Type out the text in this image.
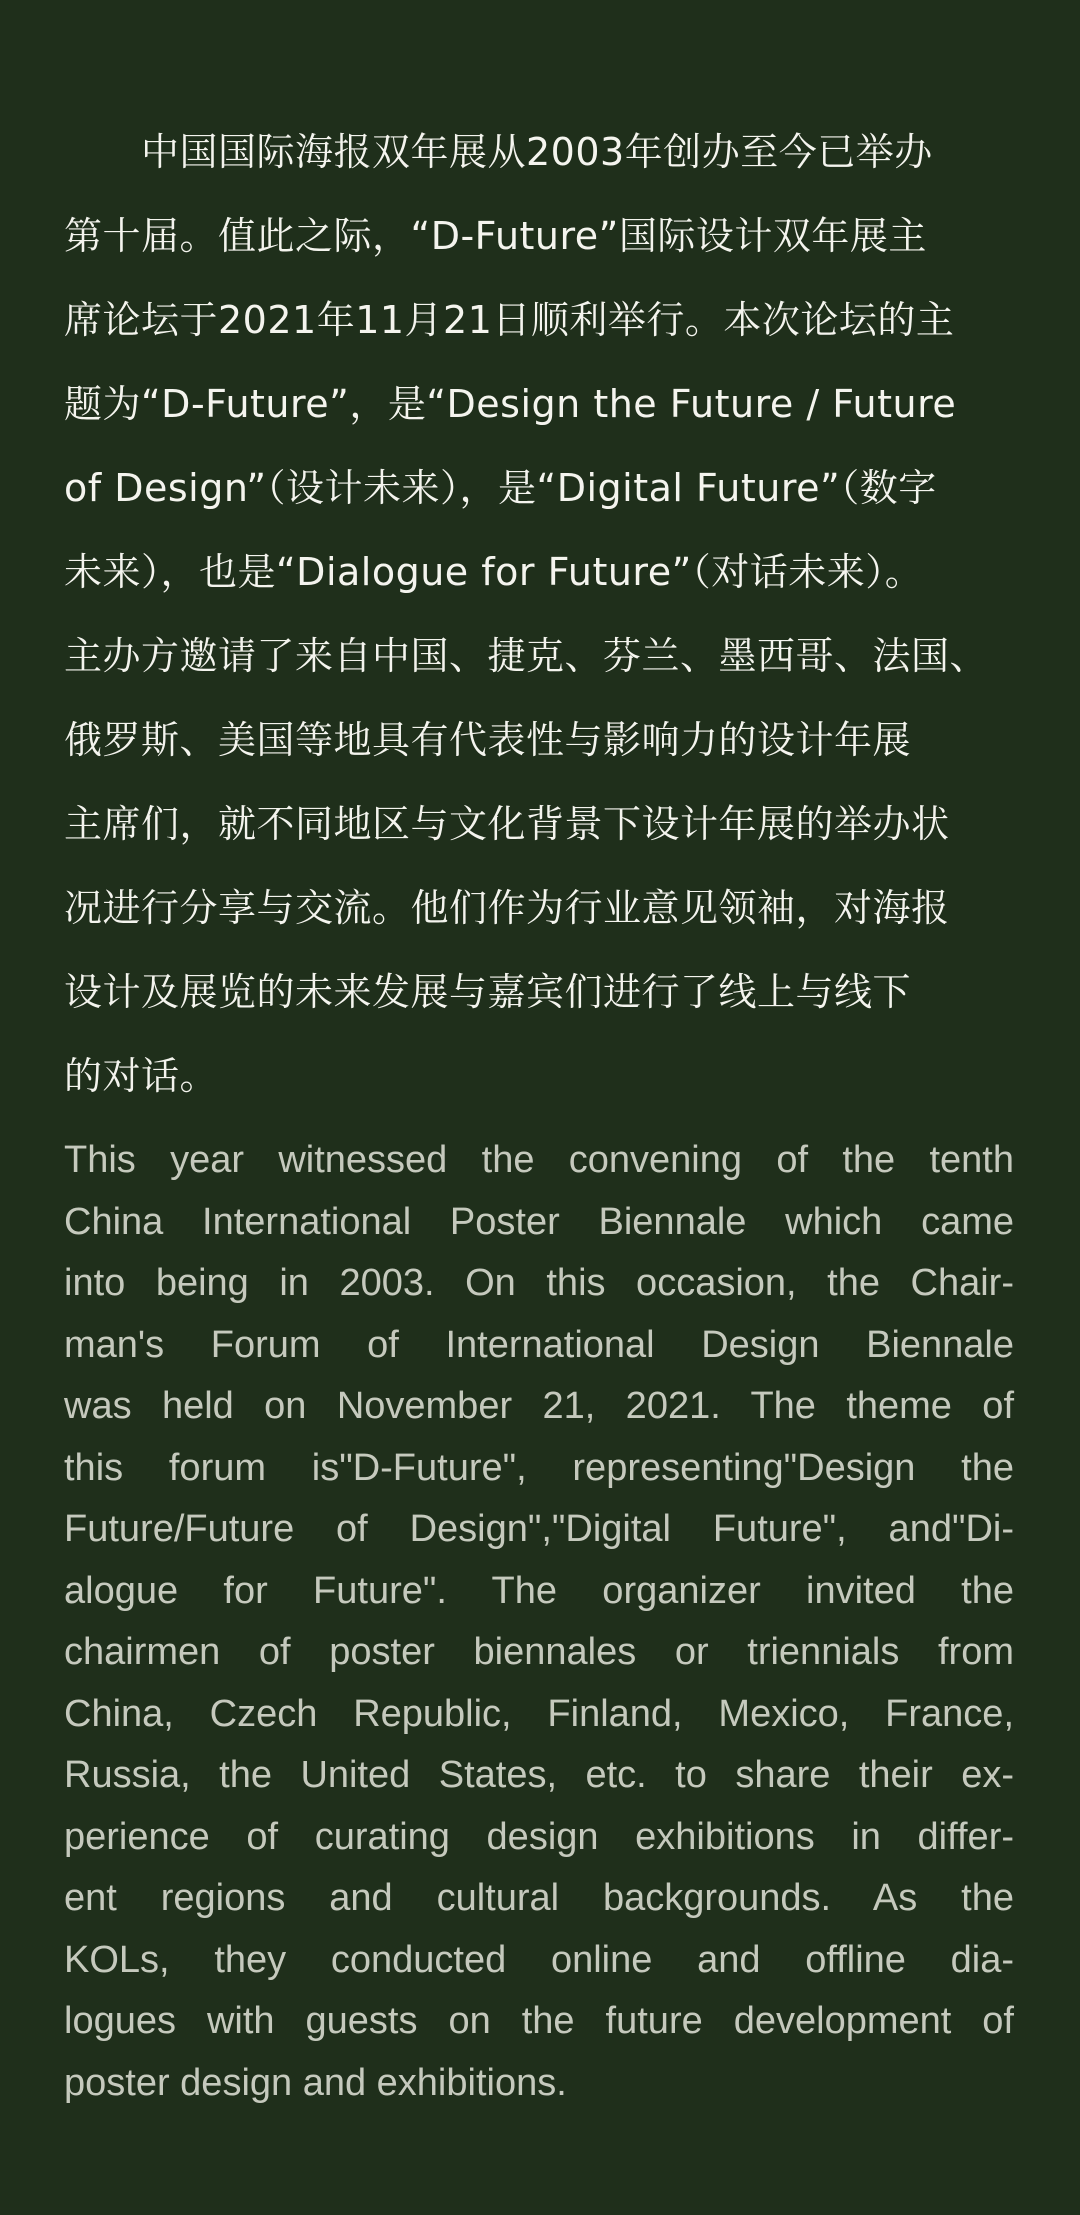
　　中国国际海报双年展从2003年创办至今已举办
第十届。值此之际，“D-Future”国际设计双年展主
席论坛于2021年11月21日顺利举行。本次论坛的主
题为“D-Future”，是“Design the Future / Future
of Design”（设计未来），是“Digital Future”（数字
未来），也是“Dialogue for Future”（对话未来）。
主办方邀请了来自中国、捷克、芬兰、墨西哥、法国、
俄罗斯、美国等地具有代表性与影响力的设计年展
主席们，就不同地区与文化背景下设计年展的举办状
况进行分享与交流。他们作为行业意见领袖，对海报
设计及展览的未来发展与嘉宾们进行了线上与线下
的对话。
This year witnessed the convening of the tenth
China International Poster Biennale which came
into being in 2003. On this occasion, the Chair-
man's Forum of International Design Biennale
was held on November 21, 2021. The theme of
this forum is"D-Future", representing"Design the
Future/Future of Design","Digital Future", and"Di-
alogue for Future". The organizer invited the
chairmen of poster biennales or triennials from
China, Czech Republic, Finland, Mexico, France,
Russia, the United States, etc. to share their ex-
perience of curating design exhibitions in differ-
ent regions and cultural backgrounds. As the
KOLs, they conducted online and offline dia-
logues with guests on the future development of
poster design and exhibitions.
